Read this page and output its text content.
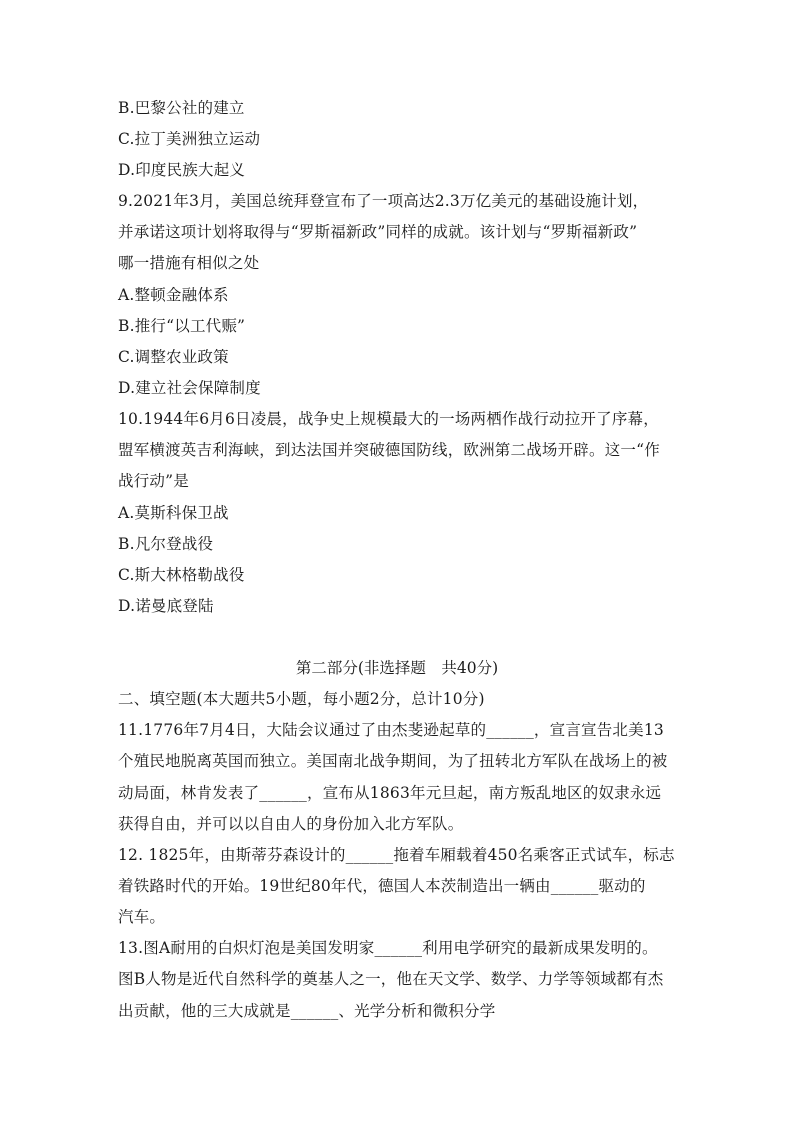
B.巴黎公社的建立
C.拉丁美洲独立运动
D.印度民族大起义
9.2021年3月，美国总统拜登宣布了一项高达2.3万亿美元的基础设施计划，
并承诺这项计划将取得与“罗斯福新政”同样的成就。该计划与“罗斯福新政”
哪一措施有相似之处
A.整顿金融体系
B.推行“以工代赈”
C.调整农业政策
D.建立社会保障制度
10.1944年6月6日凌晨，战争史上规模最大的一场两栖作战行动拉开了序幕，
盟军横渡英吉利海峡，到达法国并突破德国防线，欧洲第二战场开辟。这一“作
战行动”是
A.莫斯科保卫战
B.凡尔登战役
C.斯大林格勒战役
D.诺曼底登陆
第二部分(非选择题　共40分)
二、填空题(本大题共5小题，每小题2分，总计10分)
11.1776年7月4日，大陆会议通过了由杰斐逊起草的______，宣言宣告北美13
个殖民地脱离英国而独立。美国南北战争期间，为了扭转北方军队在战场上的被
动局面，林肯发表了______，宣布从1863年元旦起，南方叛乱地区的奴隶永远
获得自由，并可以以自由人的身份加入北方军队。
12. 1825年，由斯蒂芬森设计的______拖着车厢载着450名乘客正式试车，标志
着铁路时代的开始。19世纪80年代，德国人本茨制造出一辆由______驱动的
汽车。
13.图A耐用的白炽灯泡是美国发明家______利用电学研究的最新成果发明的。
图B人物是近代自然科学的奠基人之一，他在天文学、数学、力学等领域都有杰
出贡献，他的三大成就是______、光学分析和微积分学
